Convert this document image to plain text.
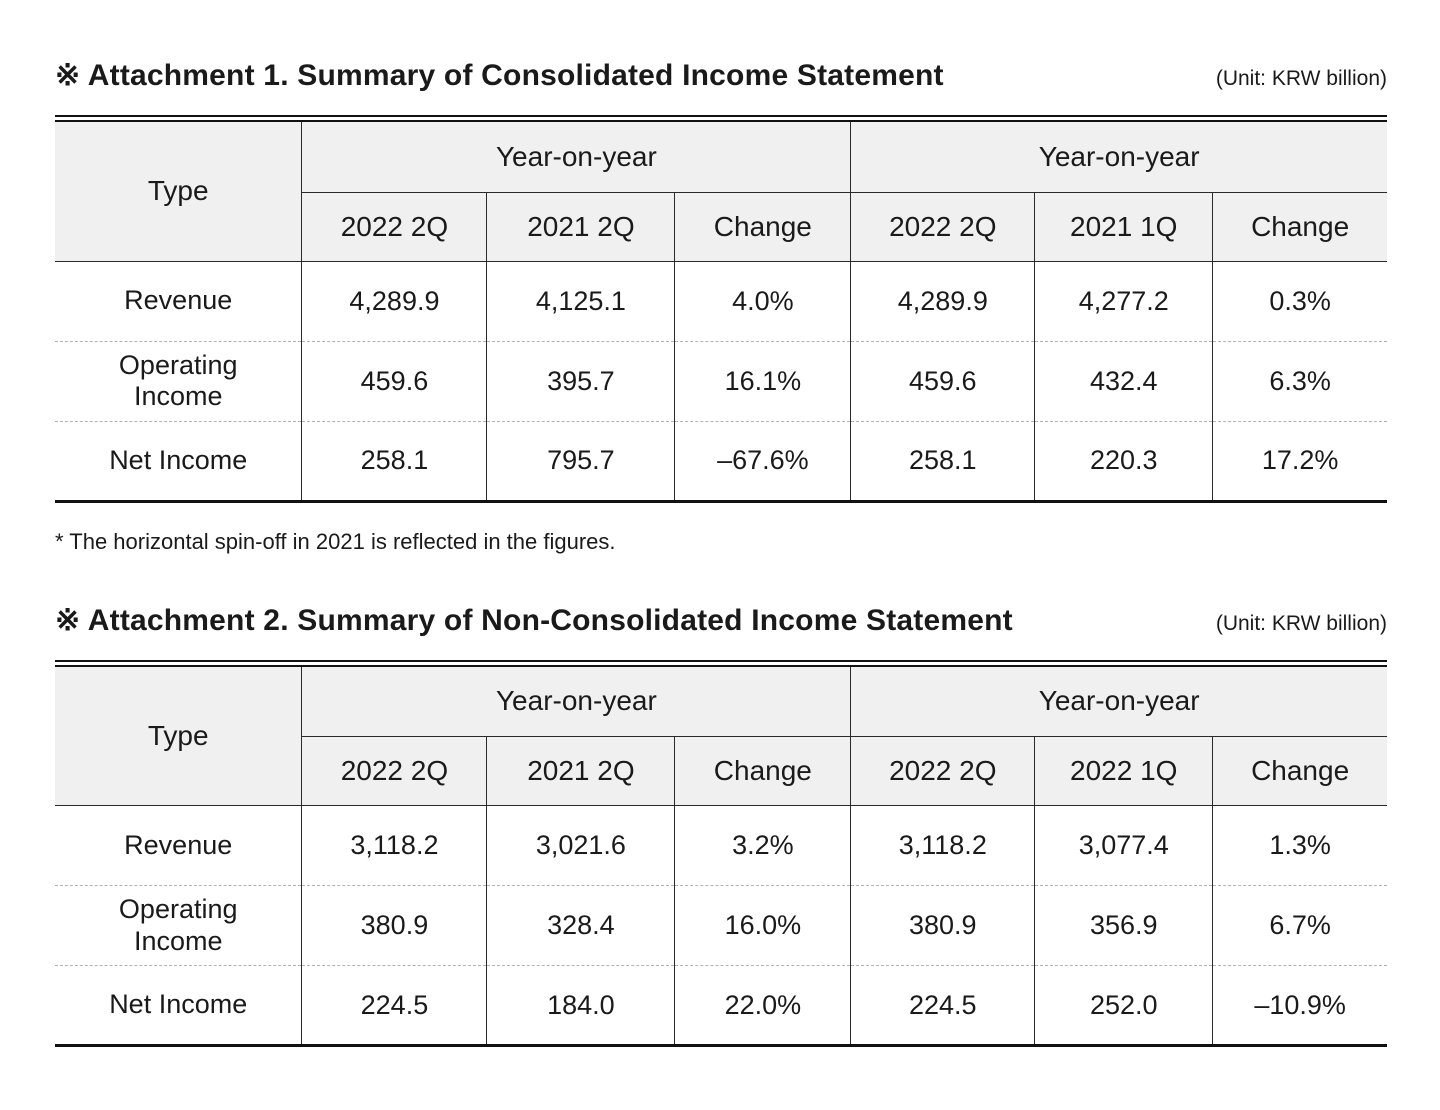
※ Attachment 1. Summary of Consolidated Income Statement	(Unit: KRW billion)
Type	Year-on-year			Year-on-year		
	2022 2Q	2021 2Q	Change	2022 2Q	2021 1Q	Change
Revenue	4,289.9	4,125.1	4.0%	4,289.9	4,277.2	0.3%
Operating Income	459.6	395.7	16.1%	459.6	432.4	6.3%
Net Income	258.1	795.7	–67.6%	258.1	220.3	17.2%
* The horizontal spin-off in 2021 is reflected in the figures.
※ Attachment 2. Summary of Non-Consolidated Income Statement	(Unit: KRW billion)
Type	Year-on-year			Year-on-year		
	2022 2Q	2021 2Q	Change	2022 2Q	2022 1Q	Change
Revenue	3,118.2	3,021.6	3.2%	3,118.2	3,077.4	1.3%
Operating Income	380.9	328.4	16.0%	380.9	356.9	6.7%
Net Income	224.5	184.0	22.0%	224.5	252.0	–10.9%
